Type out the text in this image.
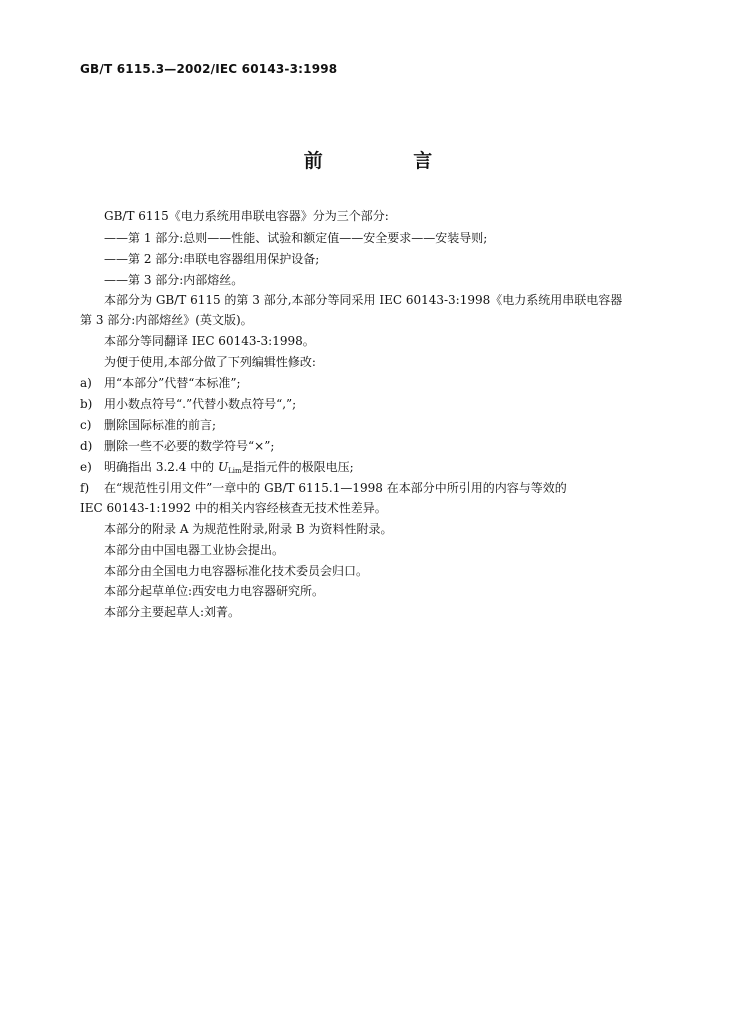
GB/T 6115.3—2002/IEC 60143-3:1998
前 言
GB/T 6115《电力系统用串联电容器》分为三个部分:
——第 1 部分:总则——性能、试验和额定值——安全要求——安装导则;
——第 2 部分:串联电容器组用保护设备;
——第 3 部分:内部熔丝。
本部分为 GB/T 6115 的第 3 部分,本部分等同采用 IEC 60143-3:1998《电力系统用串联电容器
第 3 部分:内部熔丝》(英文版)。
本部分等同翻译 IEC 60143-3:1998。
为便于使用,本部分做了下列编辑性修改:
a) 用“本部分”代替“本标准”;
b) 用小数点符号“.”代替小数点符号“,”;
c) 删除国际标准的前言;
d) 删除一些不必要的数学符号“×”;
e) 明确指出 3.2.4 中的 $U_{Lim}$是指元件的极限电压;
f) 在“规范性引用文件”一章中的 GB/T 6115.1—1998 在本部分中所引用的内容与等效的
IEC 60143-1:1992 中的相关内容经核查无技术性差异。
本部分的附录 A 为规范性附录,附录 B 为资料性附录。
本部分由中国电器工业协会提出。
本部分由全国电力电容器标准化技术委员会归口。
本部分起草单位:西安电力电容器研究所。
本部分主要起草人:刘菁。
